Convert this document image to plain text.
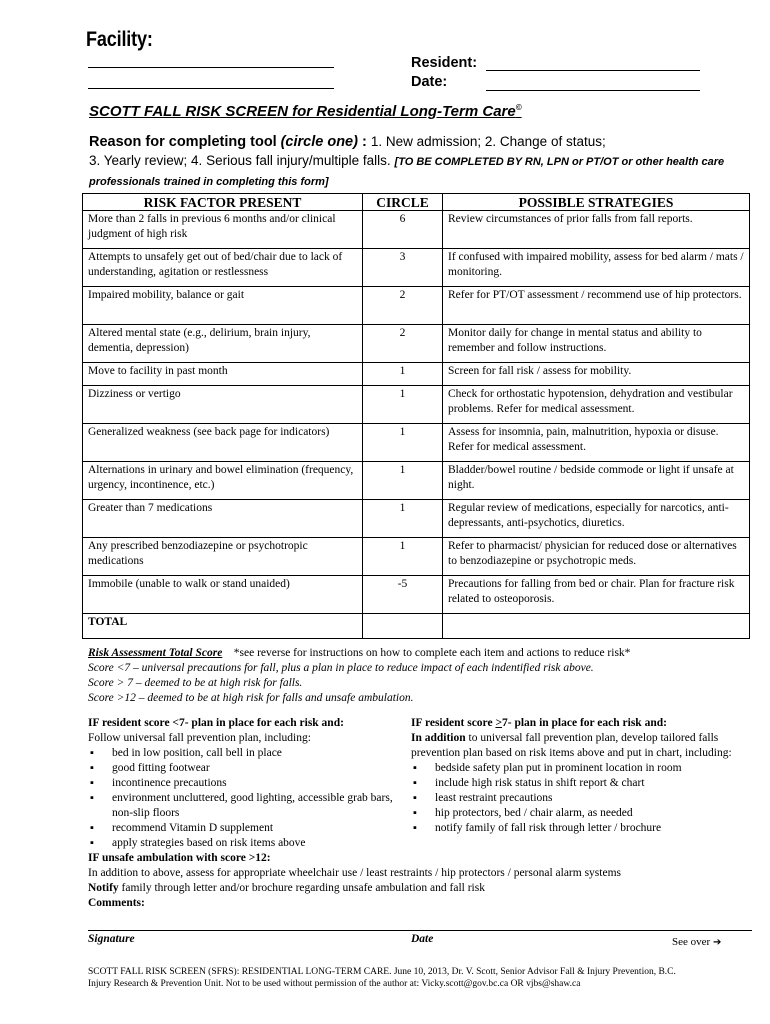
Facility:
Resident:
Date:
SCOTT FALL RISK SCREEN for Residential Long-Term Care©
Reason for completing tool (circle one) : 1. New admission; 2. Change of status;
3. Yearly review; 4. Serious fall injury/multiple falls. [TO BE COMPLETED BY RN, LPN or PT/OT or other health care professionals trained in completing this form]
RISK FACTOR PRESENT	CIRCLE	POSSIBLE STRATEGIES
More than 2 falls in previous 6 months and/or clinical judgment of high risk	6	Review circumstances of prior falls from fall reports.
Attempts to unsafely get out of bed/chair due to lack of understanding, agitation or restlessness	3	If confused with impaired mobility, assess for bed alarm / mats / monitoring.
Impaired mobility, balance or gait	2	Refer for PT/OT assessment / recommend use of hip protectors.
Altered mental state (e.g., delirium, brain injury, dementia, depression)	2	Monitor daily for change in mental status and ability to remember and follow instructions.
Move to facility in past month	1	Screen for fall risk / assess for mobility.
Dizziness or vertigo	1	Check for orthostatic hypotension, dehydration and vestibular problems. Refer for medical assessment.
Generalized weakness (see back page for indicators)	1	Assess for insomnia, pain, malnutrition, hypoxia or disuse. Refer for medical assessment.
Alternations in urinary and bowel elimination (frequency, urgency, incontinence, etc.)	1	Bladder/bowel routine / bedside commode or light if unsafe at night.
Greater than 7 medications	1	Regular review of medications, especially for narcotics, anti-depressants, anti-psychotics, diuretics.
Any prescribed benzodiazepine or psychotropic medications	1	Refer to pharmacist/ physician for reduced dose or alternatives to benzodiazepine or psychotropic meds.
Immobile (unable to walk or stand unaided)	-5	Precautions for falling from bed or chair. Plan for fracture risk related to osteoporosis.
TOTAL		
Risk Assessment Total Score *see reverse for instructions on how to complete each item and actions to reduce risk*
Score <7 – universal precautions for fall, plus a plan in place to reduce impact of each indentified risk above.
Score > 7 – deemed to be at high risk for falls.
Score >12 – deemed to be at high risk for falls and unsafe ambulation.
IF resident score <7- plan in place for each risk and:
Follow universal fall prevention plan, including:
▪ bed in low position, call bell in place
▪ good fitting footwear
▪ incontinence precautions
▪ environment uncluttered, good lighting, accessible grab bars, non-slip floors
▪ recommend Vitamin D supplement
▪ apply strategies based on risk items above
IF resident score >7- plan in place for each risk and:
In addition to universal fall prevention plan, develop tailored falls prevention plan based on risk items above and put in chart, including:
▪ bedside safety plan put in prominent location in room
▪ include high risk status in shift report & chart
▪ least restraint precautions
▪ hip protectors, bed / chair alarm, as needed
▪ notify family of fall risk through letter / brochure
IF unsafe ambulation with score >12:
In addition to above, assess for appropriate wheelchair use / least restraints / hip protectors / personal alarm systems
Notify family through letter and/or brochure regarding unsafe ambulation and fall risk
Comments:
Signature	Date	See over ➔
SCOTT FALL RISK SCREEN (SFRS): RESIDENTIAL LONG-TERM CARE. June 10, 2013, Dr. V. Scott, Senior Advisor Fall & Injury Prevention, B.C.
Injury Research & Prevention Unit. Not to be used without permission of the author at: Vicky.scott@gov.bc.ca OR vjbs@shaw.ca
